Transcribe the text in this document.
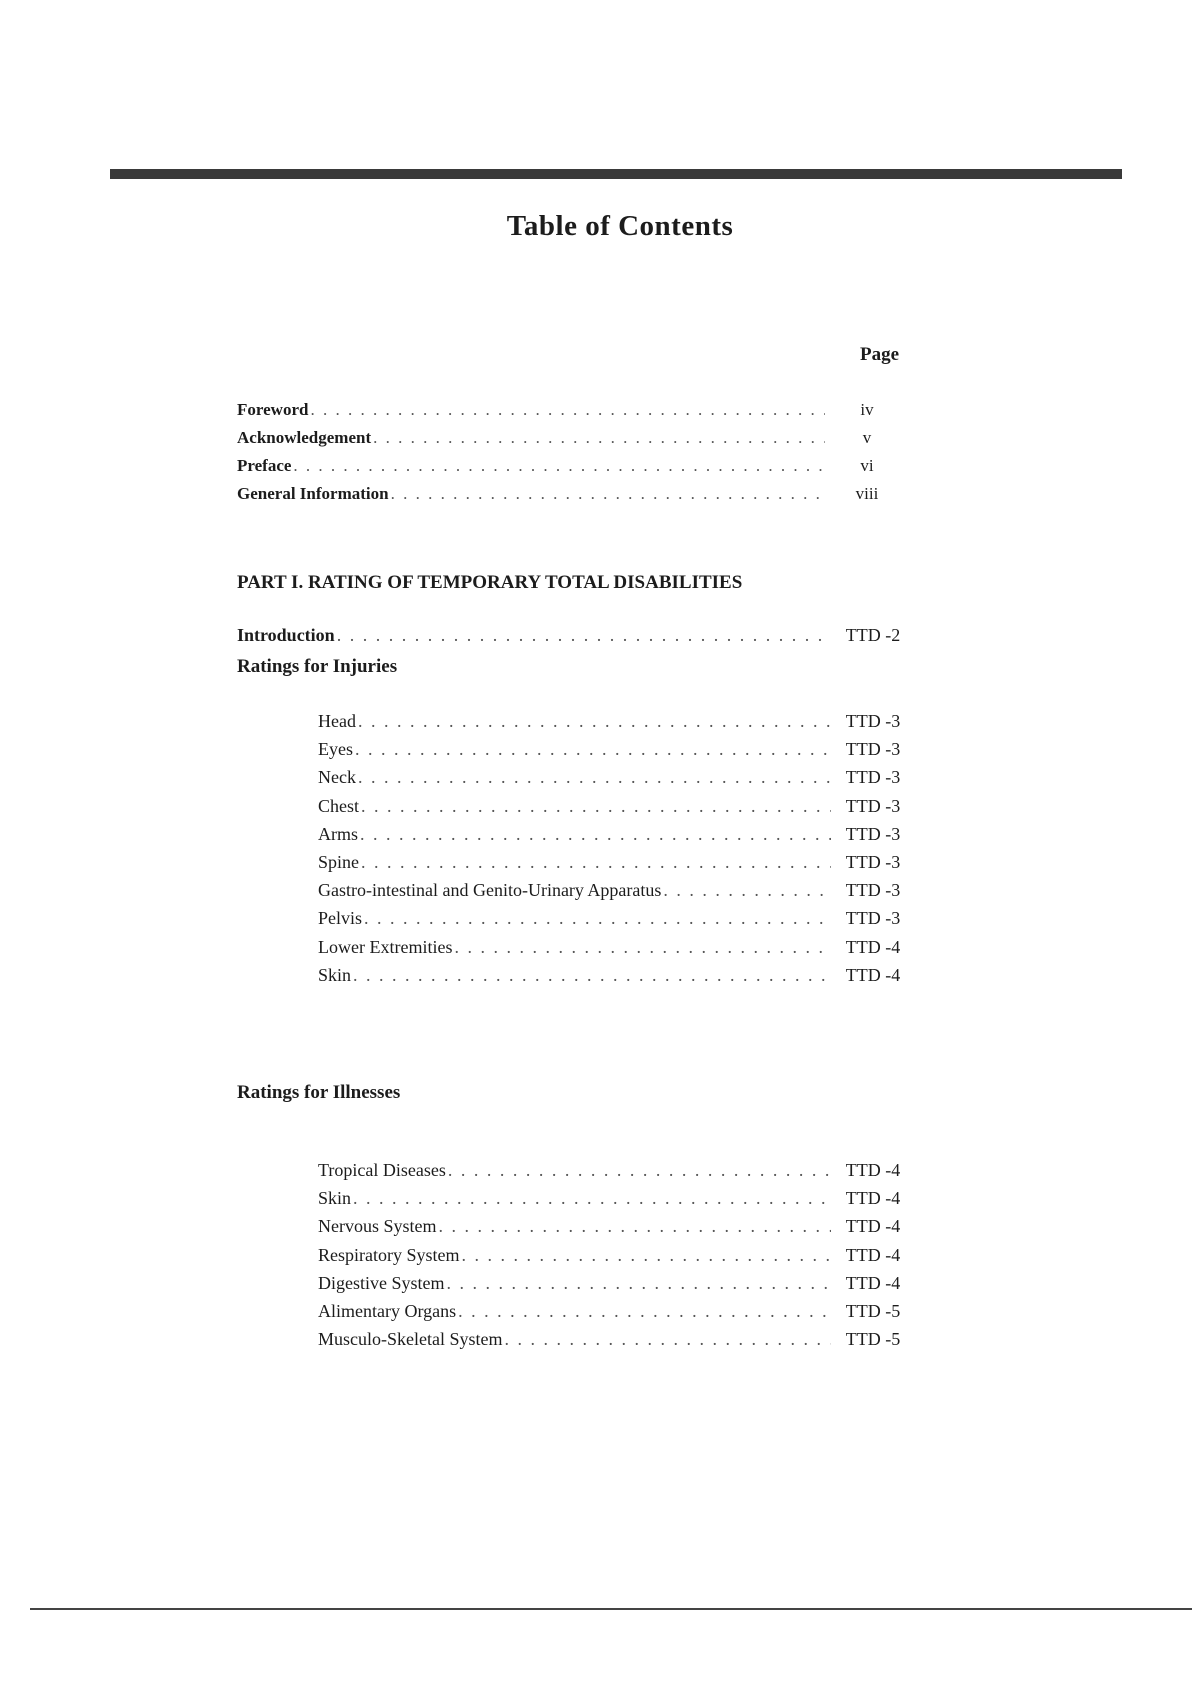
Table of Contents
Page
Foreword . . .	iv
Acknowledgement . . .	v
Preface . . .	vi
General Information . . .	viii
PART I. RATING OF TEMPORARY TOTAL DISABILITIES
Introduction . . .	TTD -2
Ratings for Injuries
Head . . .	TTD -3
Eyes . . .	TTD -3
Neck . . .	TTD -3
Chest . . .	TTD -3
Arms . . .	TTD -3
Spine . . .	TTD -3
Gastro-intestinal and Genito-Urinary Apparatus . . .	TTD -3
Pelvis . . .	TTD -3
Lower Extremities . . .	TTD -4
Skin . . .	TTD -4
Ratings for Illnesses
Tropical Diseases . . .	TTD -4
Skin . . .	TTD -4
Nervous System . . .	TTD -4
Respiratory System . . .	TTD -4
Digestive System . . .	TTD -4
Alimentary Organs . . .	TTD -5
Musculo-Skeletal System . . .	TTD -5
